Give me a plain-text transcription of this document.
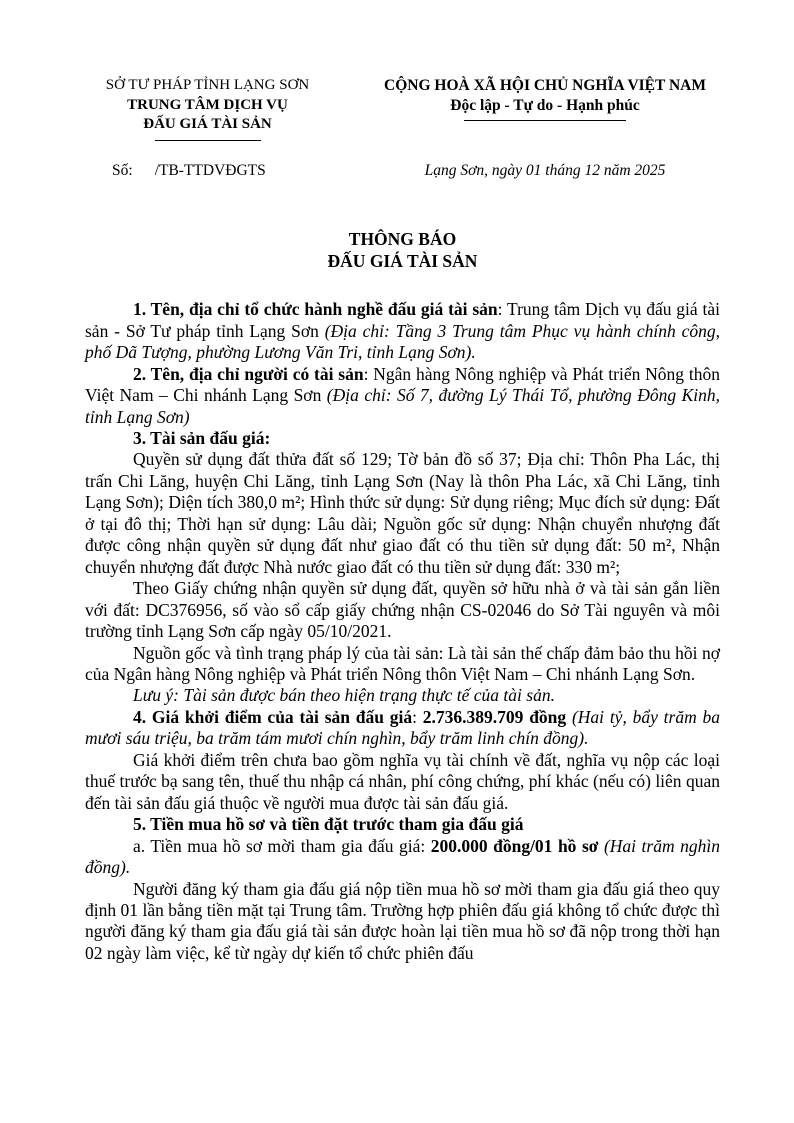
SỞ TƯ PHÁP TỈNH LẠNG SƠN
TRUNG TÂM DỊCH VỤ
ĐẤU GIÁ TÀI SẢN
CỘNG HOÀ XÃ HỘI CHỦ NGHĨA VIỆT NAM
Độc lập - Tự do - Hạnh phúc
Số: /TB-TTDVĐGTS	Lạng Sơn, ngày 01 tháng 12 năm 2025
THÔNG BÁO
ĐẤU GIÁ TÀI SẢN

1. Tên, địa chỉ tổ chức hành nghề đấu giá tài sản: Trung tâm Dịch vụ đấu giá tài sản - Sở Tư pháp tỉnh Lạng Sơn (Địa chỉ: Tầng 3 Trung tâm Phục vụ hành chính công, phố Dã Tượng, phường Lương Văn Tri, tỉnh Lạng Sơn).

2. Tên, địa chỉ người có tài sản: Ngân hàng Nông nghiệp và Phát triển Nông thôn Việt Nam – Chi nhánh Lạng Sơn (Địa chỉ: Số 7, đường Lý Thái Tổ, phường Đông Kinh, tỉnh Lạng Sơn)

3. Tài sản đấu giá:

Quyền sử dụng đất thửa đất số 129; Tờ bản đồ số 37; Địa chỉ: Thôn Pha Lác, thị trấn Chi Lăng, huyện Chi Lăng, tỉnh Lạng Sơn (Nay là thôn Pha Lác, xã Chi Lăng, tỉnh Lạng Sơn); Diện tích 380,0 m²; Hình thức sử dụng: Sử dụng riêng; Mục đích sử dụng: Đất ở tại đô thị; Thời hạn sử dụng: Lâu dài; Nguồn gốc sử dụng: Nhận chuyển nhượng đất được công nhận quyền sử dụng đất như giao đất có thu tiền sử dụng đất: 50 m², Nhận chuyển nhượng đất được Nhà nước giao đất có thu tiền sử dụng đất: 330 m²;

Theo Giấy chứng nhận quyền sử dụng đất, quyền sở hữu nhà ở và tài sản gắn liền với đất: DC376956, số vào sổ cấp giấy chứng nhận CS-02046 do Sở Tài nguyên và môi trường tỉnh Lạng Sơn cấp ngày 05/10/2021.

Nguồn gốc và tình trạng pháp lý của tài sản: Là tài sản thế chấp đảm bảo thu hồi nợ của Ngân hàng Nông nghiệp và Phát triển Nông thôn Việt Nam – Chi nhánh Lạng Sơn.

Lưu ý: Tài sản được bán theo hiện trạng thực tế của tài sản.

4. Giá khởi điểm của tài sản đấu giá: 2.736.389.709 đồng (Hai tỷ, bẩy trăm ba mươi sáu triệu, ba trăm tám mươi chín nghìn, bẩy trăm linh chín đồng).

Giá khởi điểm trên chưa bao gồm nghĩa vụ tài chính về đất, nghĩa vụ nộp các loại thuế trước bạ sang tên, thuế thu nhập cá nhân, phí công chứng, phí khác (nếu có) liên quan đến tài sản đấu giá thuộc về người mua được tài sản đấu giá.

5. Tiền mua hồ sơ và tiền đặt trước tham gia đấu giá

a. Tiền mua hồ sơ mời tham gia đấu giá: 200.000 đồng/01 hồ sơ (Hai trăm nghìn đồng).

Người đăng ký tham gia đấu giá nộp tiền mua hồ sơ mời tham gia đấu giá theo quy định 01 lần bằng tiền mặt tại Trung tâm. Trường hợp phiên đấu giá không tổ chức được thì người đăng ký tham gia đấu giá tài sản được hoàn lại tiền mua hồ sơ đã nộp trong thời hạn 02 ngày làm việc, kể từ ngày dự kiến tổ chức phiên đấu
